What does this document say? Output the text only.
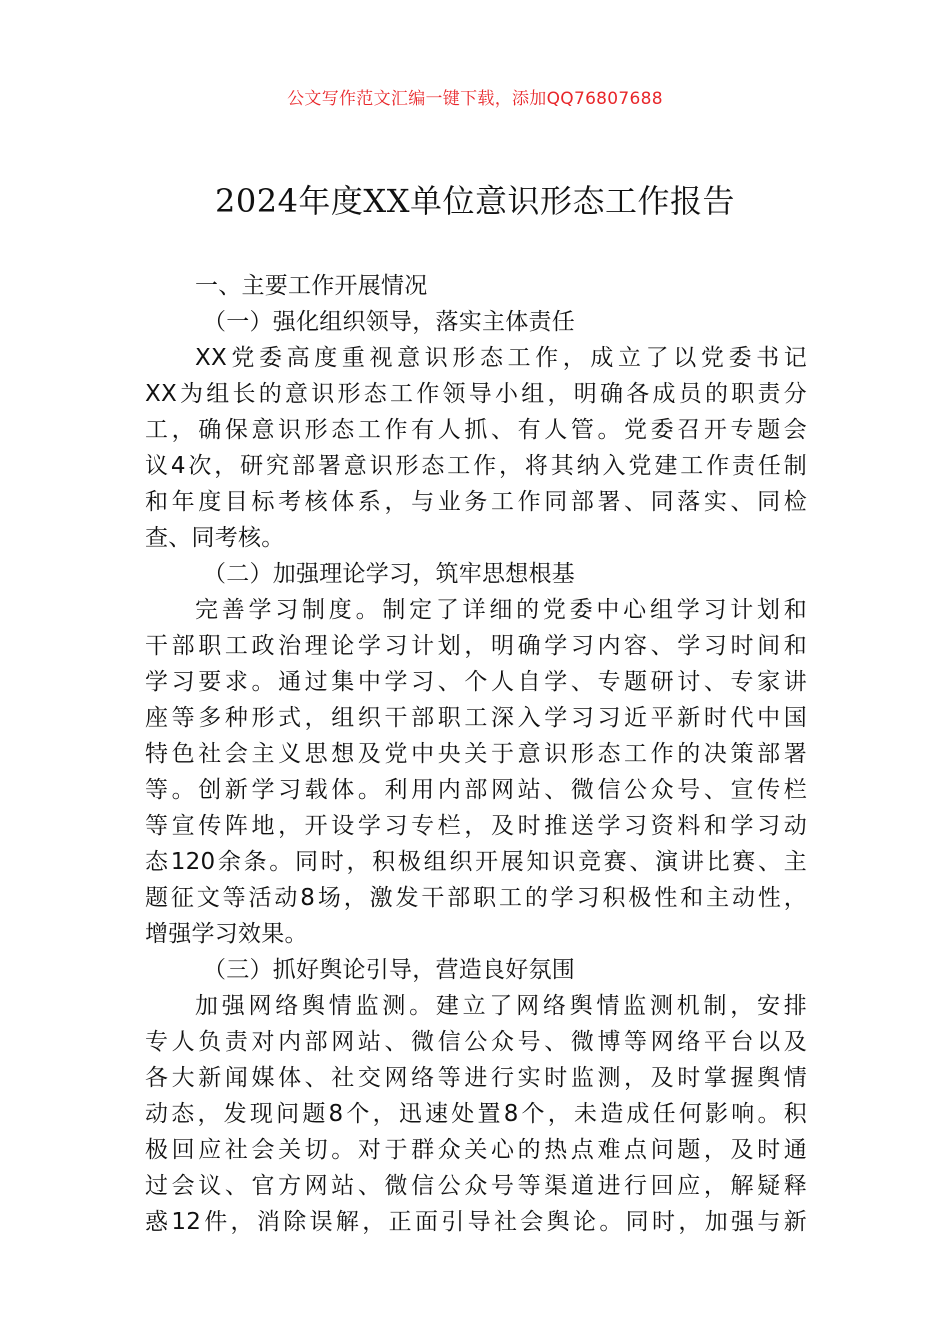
公文写作范文汇编一键下载，添加QQ76807688
2024年度XX单位意识形态工作报告
一、主要工作开展情况
（一）强化组织领导，落实主体责任
XX党委高度重视意识形态工作，成立了以党委书记
XX为组长的意识形态工作领导小组，明确各成员的职责分
工，确保意识形态工作有人抓、有人管。党委召开专题会
议4次，研究部署意识形态工作，将其纳入党建工作责任制
和年度目标考核体系，与业务工作同部署、同落实、同检
查、同考核。
（二）加强理论学习，筑牢思想根基
完善学习制度。制定了详细的党委中心组学习计划和
干部职工政治理论学习计划，明确学习内容、学习时间和
学习要求。通过集中学习、个人自学、专题研讨、专家讲
座等多种形式，组织干部职工深入学习习近平新时代中国
特色社会主义思想及党中央关于意识形态工作的决策部署
等。创新学习载体。利用内部网站、微信公众号、宣传栏
等宣传阵地，开设学习专栏，及时推送学习资料和学习动
态120余条。同时，积极组织开展知识竞赛、演讲比赛、主
题征文等活动8场，激发干部职工的学习积极性和主动性，
增强学习效果。
（三）抓好舆论引导，营造良好氛围
加强网络舆情监测。建立了网络舆情监测机制，安排
专人负责对内部网站、微信公众号、微博等网络平台以及
各大新闻媒体、社交网络等进行实时监测，及时掌握舆情
动态，发现问题8个，迅速处置8个，未造成任何影响。积
极回应社会关切。对于群众关心的热点难点问题，及时通
过会议、官方网站、微信公众号等渠道进行回应，解疑释
惑12件，消除误解，正面引导社会舆论。同时，加强与新
